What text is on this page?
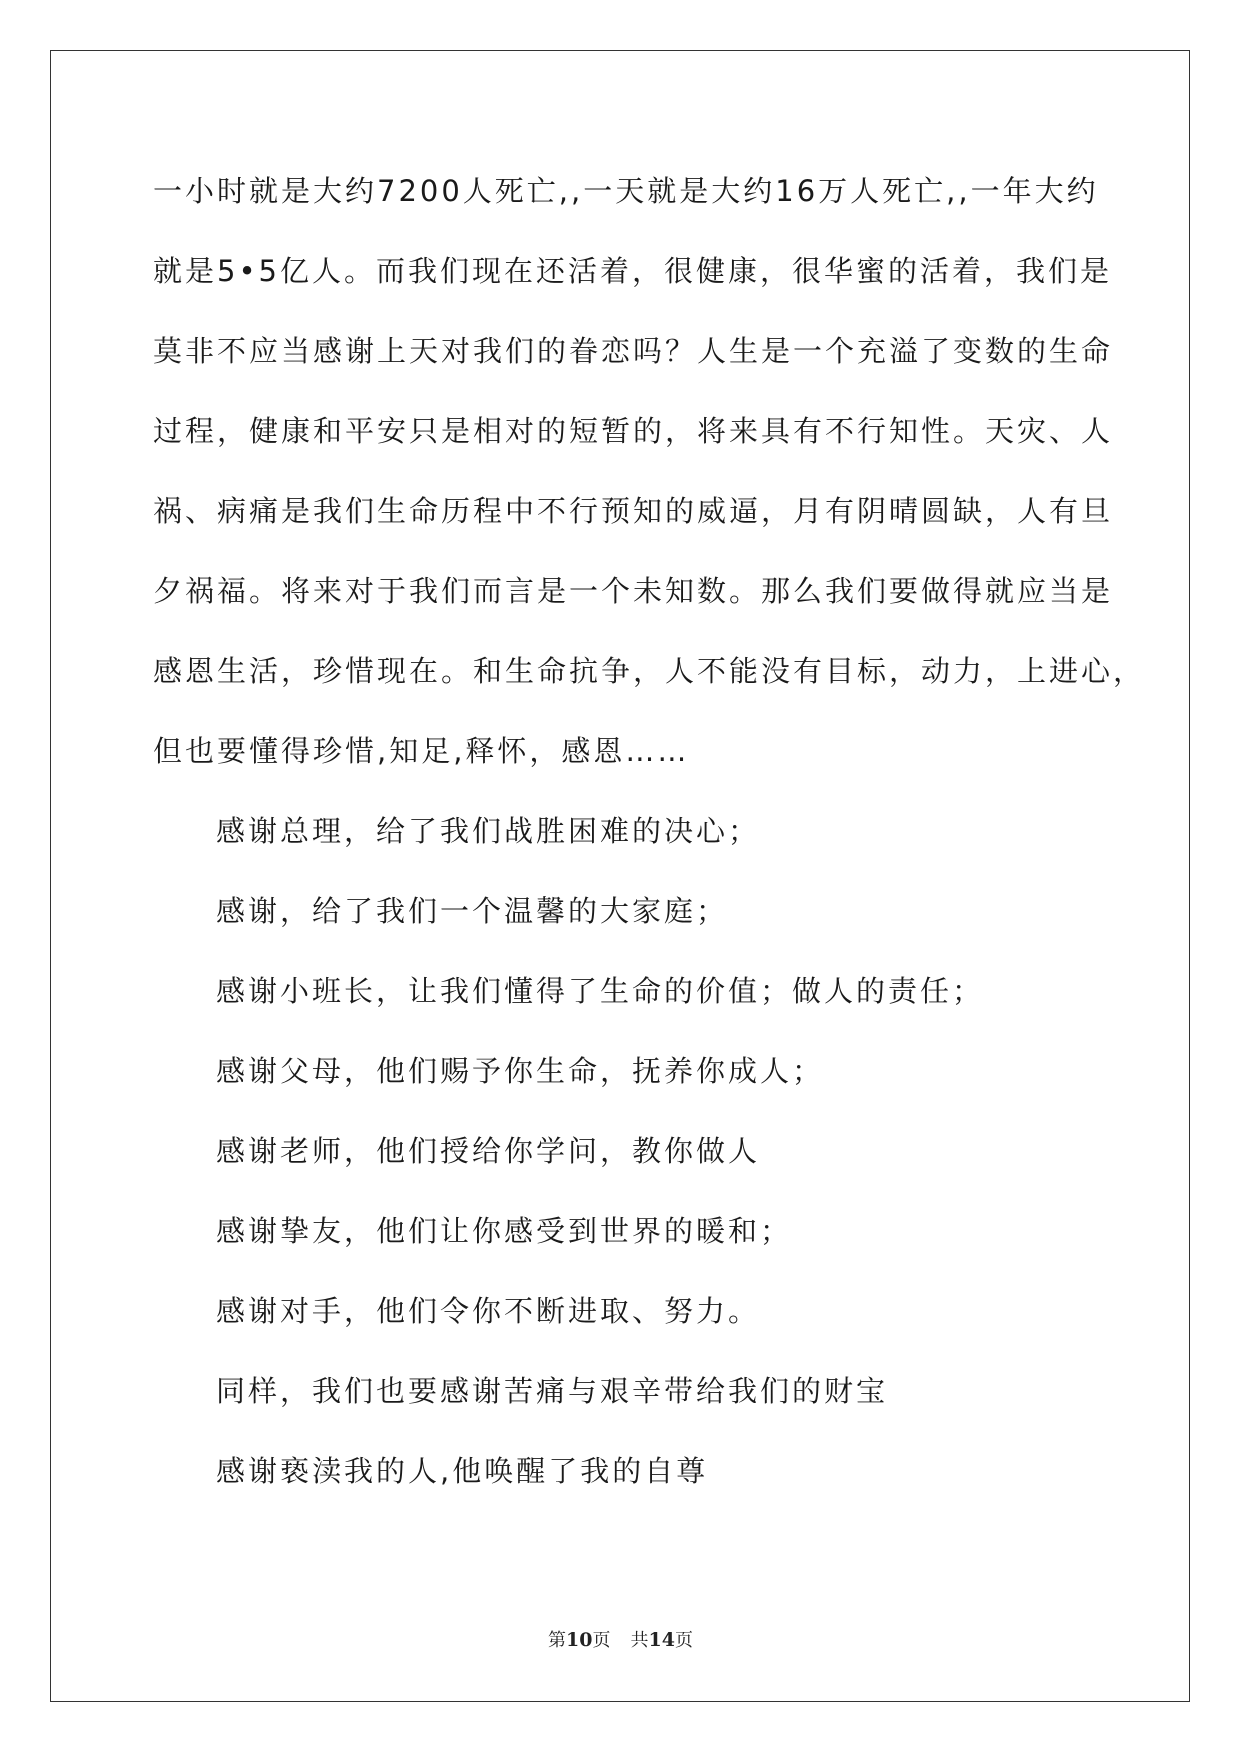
一小时就是大约7200人死亡,,一天就是大约16万人死亡,,一年大约
就是5•5亿人。而我们现在还活着，很健康，很华蜜的活着，我们是
莫非不应当感谢上天对我们的眷恋吗？人生是一个充溢了变数的生命
过程，健康和平安只是相对的短暂的，将来具有不行知性。天灾、人
祸、病痛是我们生命历程中不行预知的威逼，月有阴晴圆缺，人有旦
夕祸福。将来对于我们而言是一个未知数。那么我们要做得就应当是
感恩生活，珍惜现在。和生命抗争，人不能没有目标，动力，上进心，
但也要懂得珍惜,知足,释怀，感恩……
感谢总理，给了我们战胜困难的决心；
感谢，给了我们一个温馨的大家庭；
感谢小班长，让我们懂得了生命的价值；做人的责任；
感谢父母，他们赐予你生命，抚养你成人；
感谢老师，他们授给你学问，教你做人
感谢挚友，他们让你感受到世界的暖和；
感谢对手，他们令你不断进取、努力。
同样，我们也要感谢苦痛与艰辛带给我们的财宝
感谢亵渎我的人,他唤醒了我的自尊
第10页 共14页
